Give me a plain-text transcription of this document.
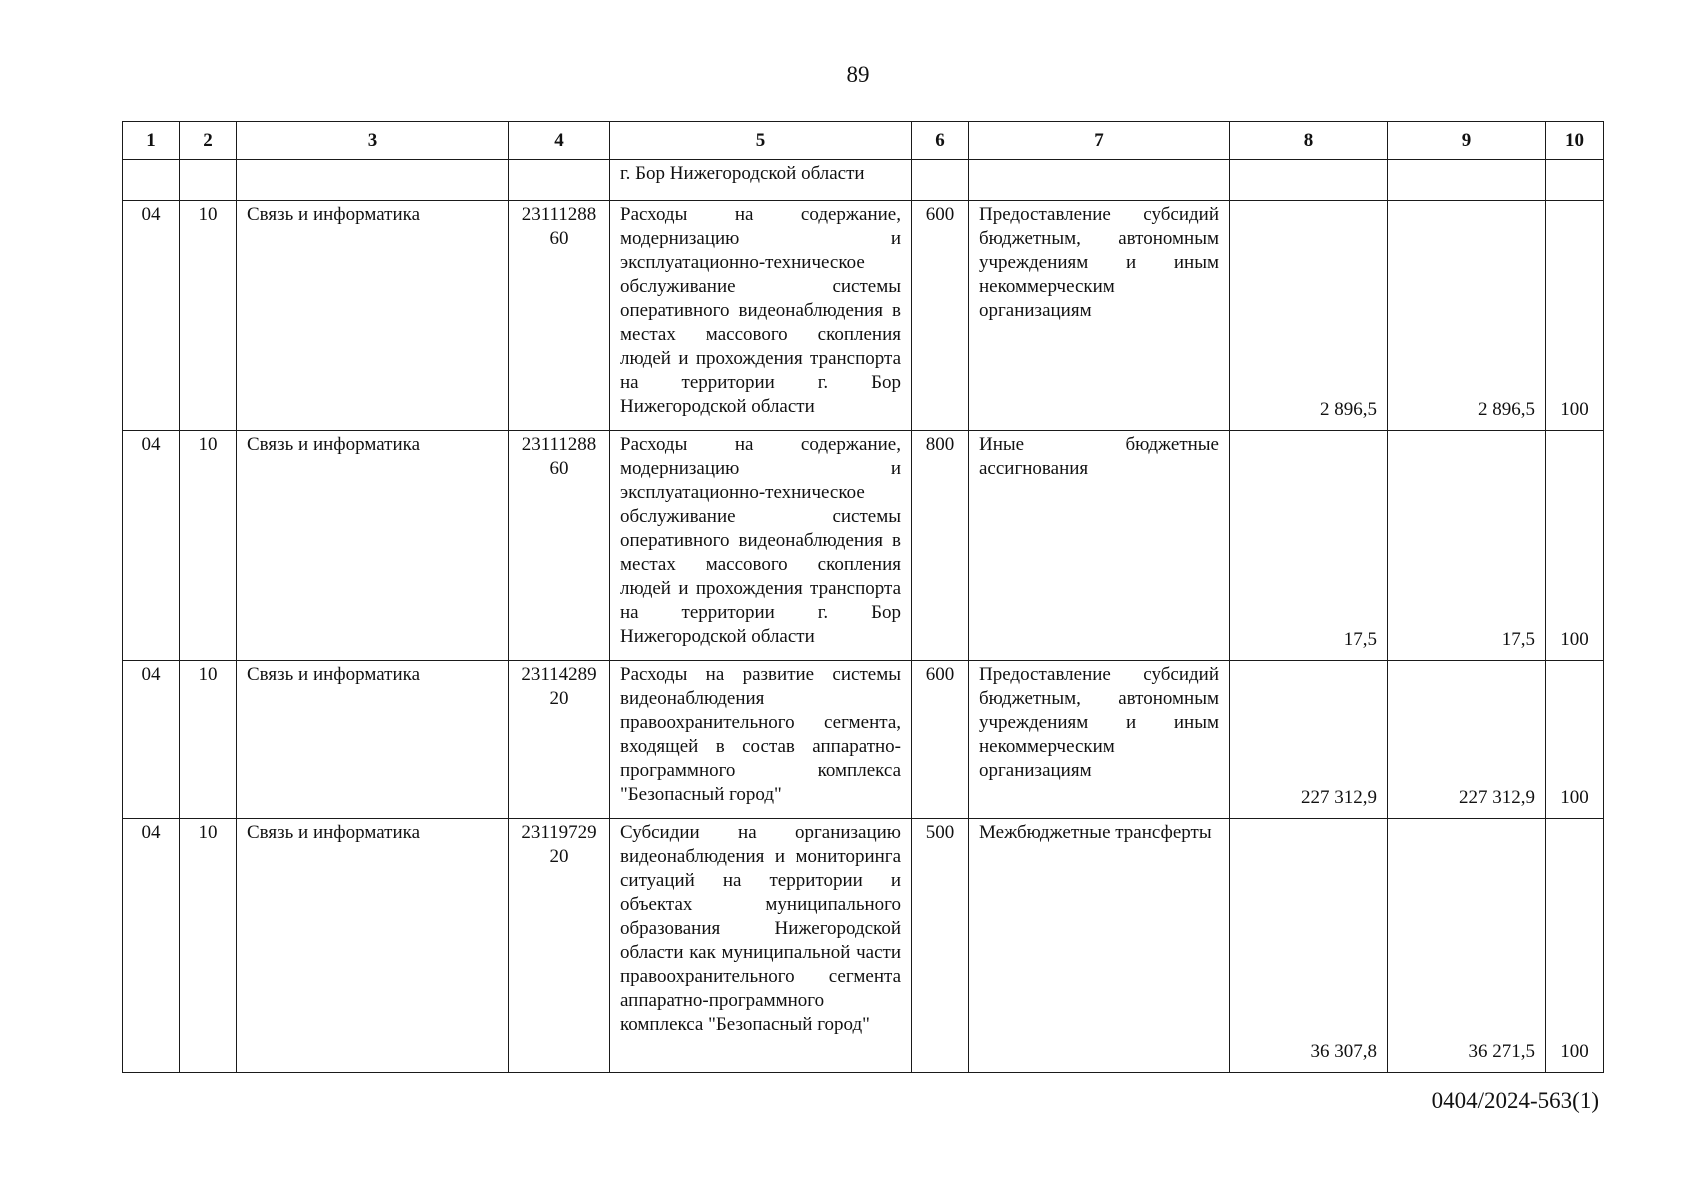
89
1	2	3	4	5	6	7	8	9	10
				г. Бор Нижегородской области					
04	10	Связь и информатика	2311128860	Расходы на содержание, модернизацию и эксплуатационно-техническое обслуживание системы оперативного видеонаблюдения в местах массового скопления людей и прохождения транспорта на территории г. Бор Нижегородской области	600	Предоставление субсидий бюджетным, автономным учреждениям и иным некоммерческим организациям	2 896,5	2 896,5	100
04	10	Связь и информатика	2311128860	Расходы на содержание, модернизацию и эксплуатационно-техническое обслуживание системы оперативного видеонаблюдения в местах массового скопления людей и прохождения транспорта на территории г. Бор Нижегородской области	800	Иные бюджетные ассигнования	17,5	17,5	100
04	10	Связь и информатика	2311428920	Расходы на развитие системы видеонаблюдения правоохранительного сегмента, входящей в состав аппаратно-программного комплекса "Безопасный город"	600	Предоставление субсидий бюджетным, автономным учреждениям и иным некоммерческим организациям	227 312,9	227 312,9	100
04	10	Связь и информатика	2311972920	Субсидии на организацию видеонаблюдения и мониторинга ситуаций на территории и объектах муниципального образования Нижегородской области как муниципальной части правоохранительного сегмента аппаратно-программного комплекса "Безопасный город"	500	Межбюджетные трансферты	36 307,8	36 271,5	100
0404/2024-563(1)
